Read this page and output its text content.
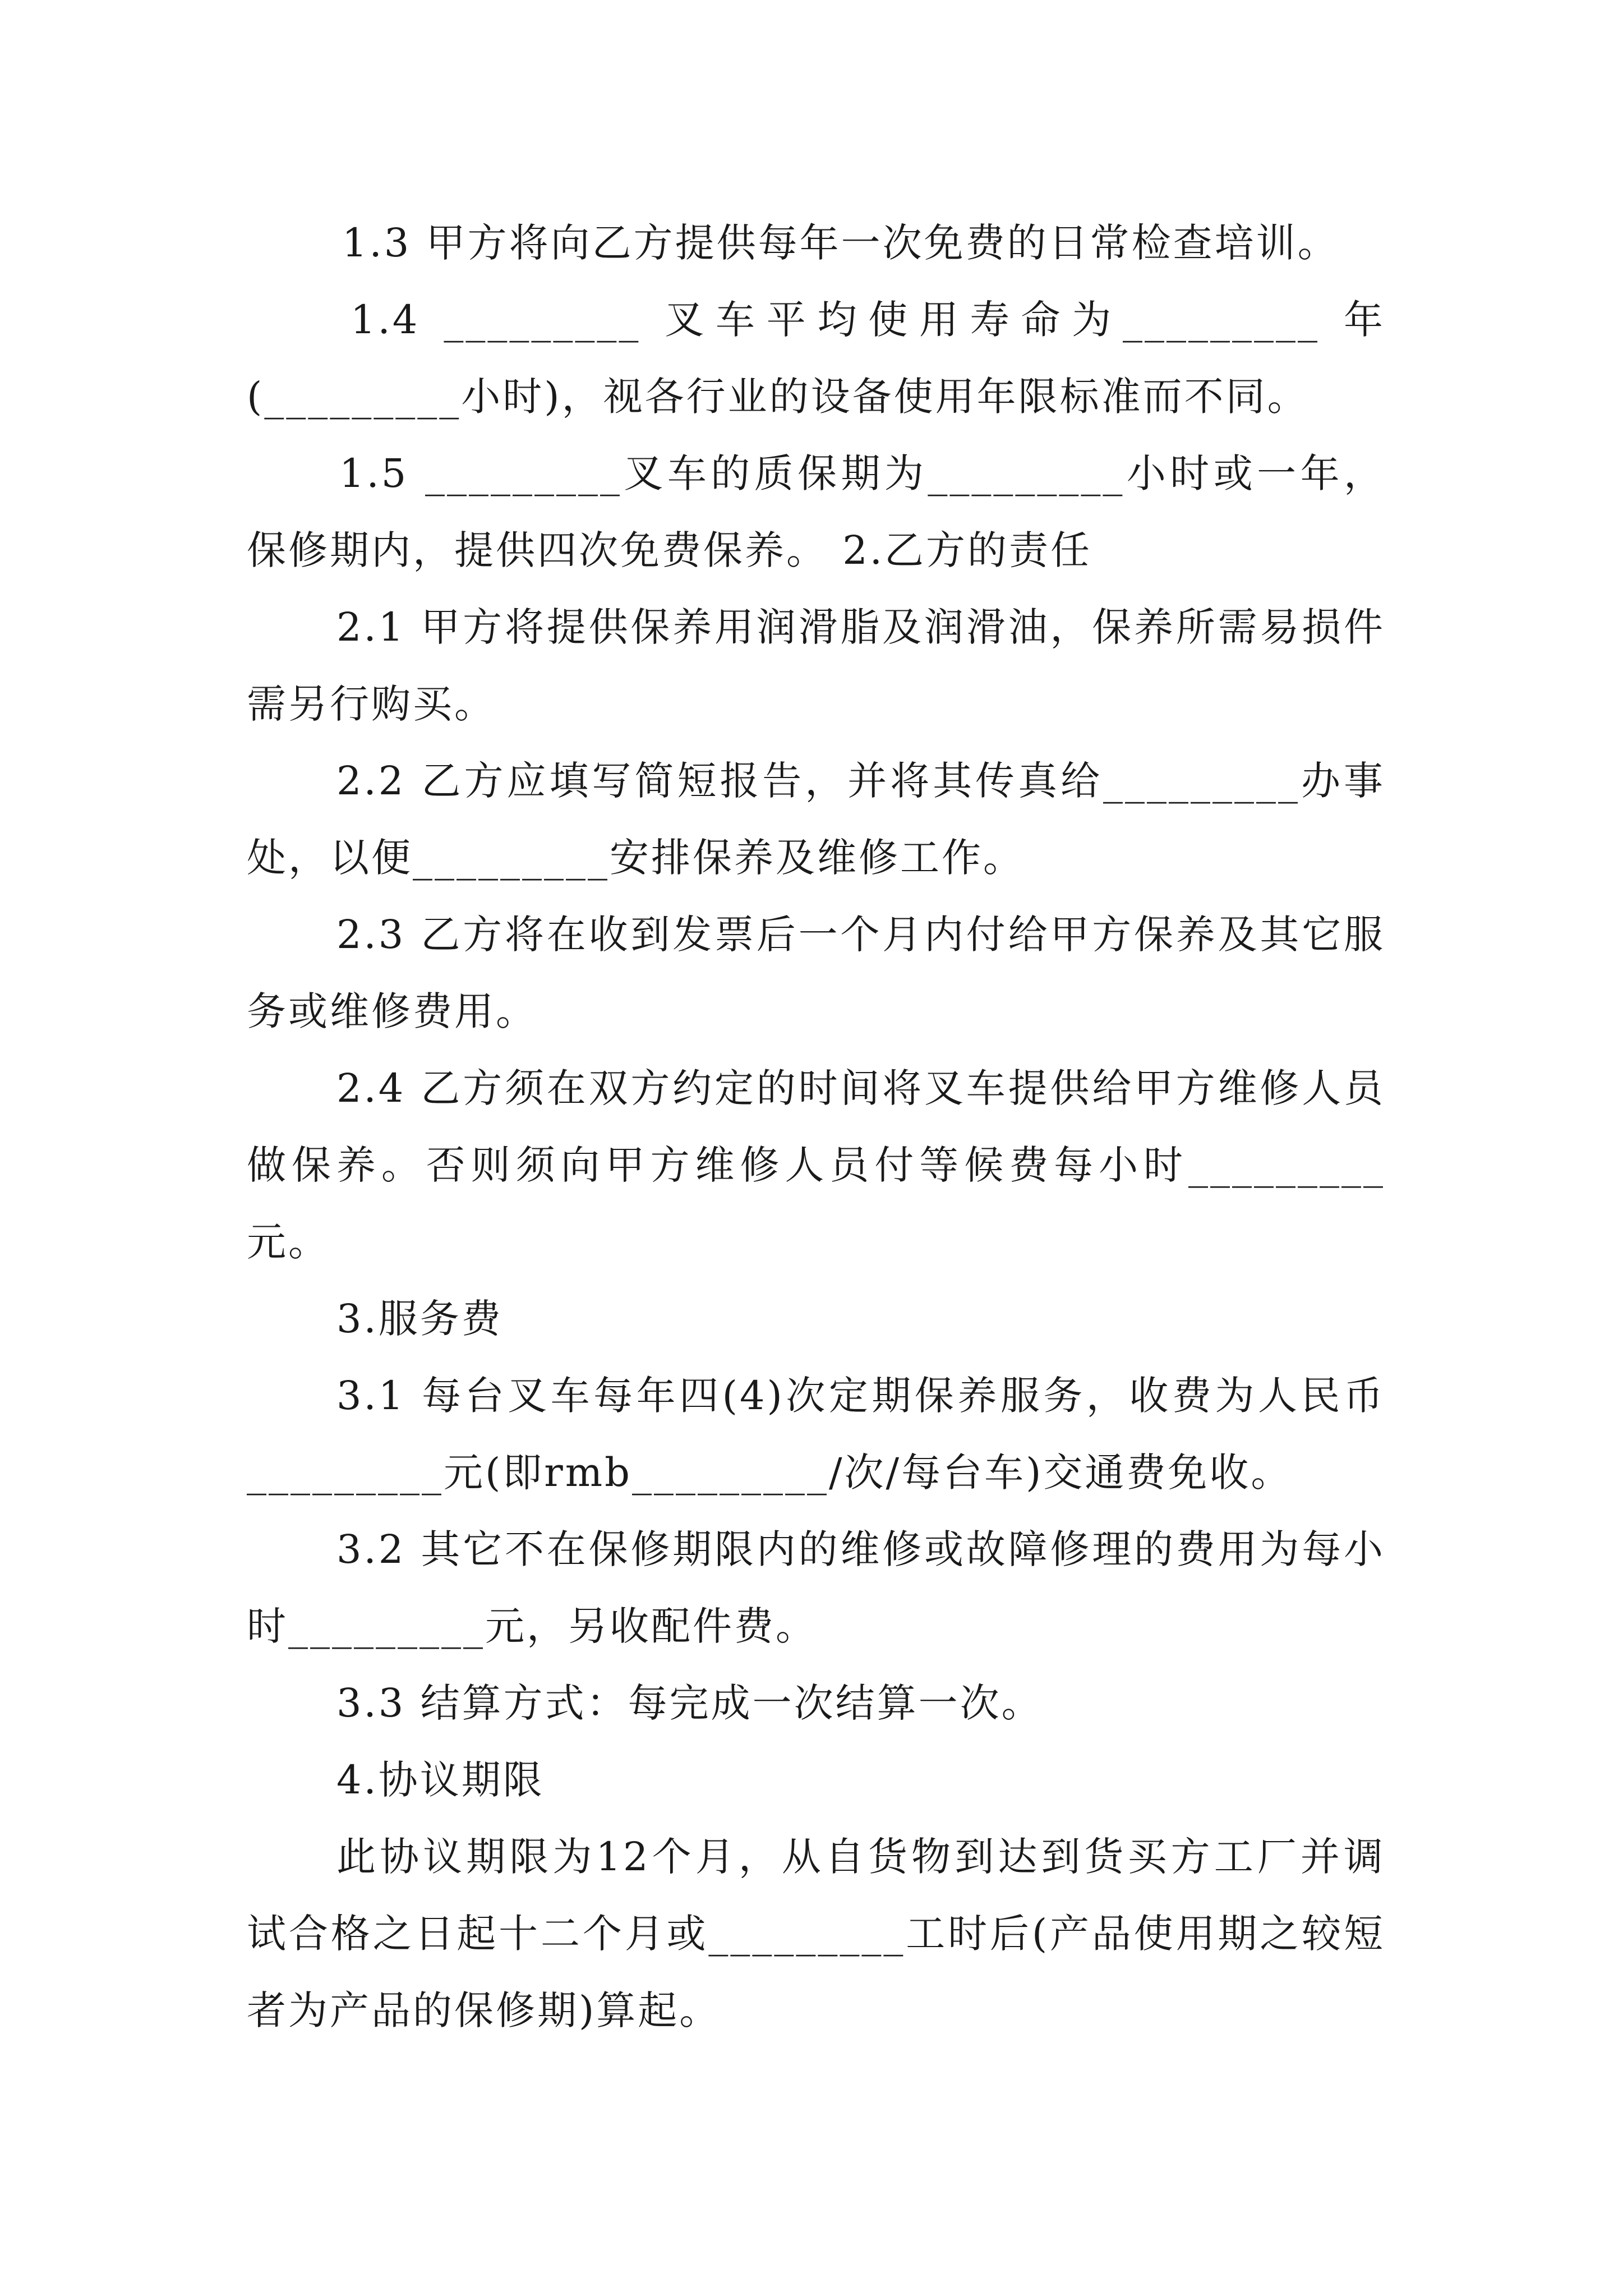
1.3 甲方将向乙方提供每年一次免费的日常检查培训。

1.4 _________ 叉车平均使用寿命为_________ 年(_________小时)，视各行业的设备使用年限标准而不同。

1.5 _________叉车的质保期为_________小时或一年，保修期内，提供四次免费保养。 2.乙方的责任

2.1 甲方将提供保养用润滑脂及润滑油，保养所需易损件需另行购买。

2.2 乙方应填写简短报告，并将其传真给_________办事处，以便_________安排保养及维修工作。

2.3 乙方将在收到发票后一个月内付给甲方保养及其它服务或维修费用。

2.4 乙方须在双方约定的时间将叉车提供给甲方维修人员做保养。否则须向甲方维修人员付等候费每小时_________元。

3.服务费

3.1 每台叉车每年四(4)次定期保养服务，收费为人民币_________元(即rmb_________/次/每台车)交通费免收。

3.2 其它不在保修期限内的维修或故障修理的费用为每小时_________元，另收配件费。

3.3 结算方式：每完成一次结算一次。

4.协议期限

此协议期限为12个月，从自货物到达到货买方工厂并调试合格之日起十二个月或_________工时后(产品使用期之较短者为产品的保修期)算起。
